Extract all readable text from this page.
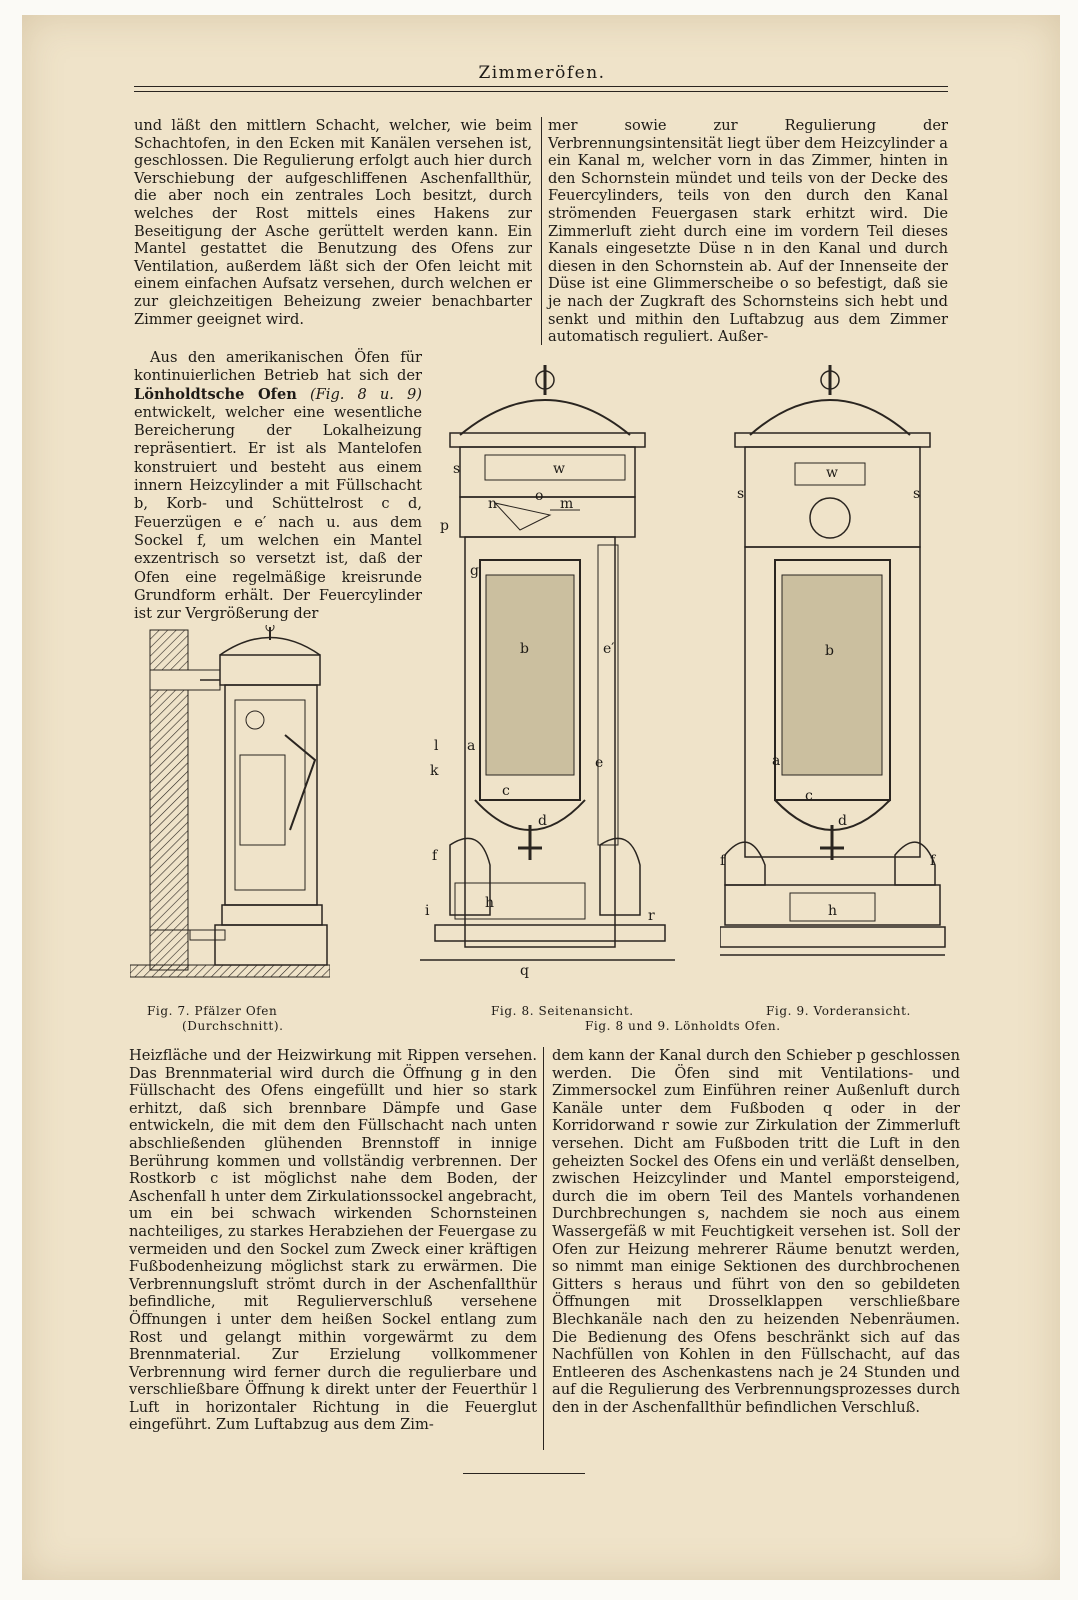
Zimmeröfen.

und läßt den mittlern Schacht, welcher, wie beim Schachtofen, in den Ecken mit Kanälen versehen ist, geschlossen. Die Regulierung erfolgt auch hier durch Verschiebung der aufgeschliffenen Aschenfallthür, die aber noch ein zentrales Loch besitzt, durch welches der Rost mittels eines Hakens zur Beseitigung der Asche gerüttelt werden kann. Ein Mantel gestattet die Benutzung des Ofens zur Ventilation, außerdem läßt sich der Ofen leicht mit einem einfachen Aufsatz versehen, durch welchen er zur gleichzeitigen Beheizung zweier benachbarter Zimmer geeignet wird.

mer sowie zur Regulierung der Verbrennungsintensität liegt über dem Heizcylinder a ein Kanal m, welcher vorn in das Zimmer, hinten in den Schornstein mündet und teils von der Decke des Feuercylinders, teils von den durch den Kanal strömenden Feuergasen stark erhitzt wird. Die Zimmerluft zieht durch eine im vordern Teil dieses Kanals eingesetzte Düse n in den Kanal und durch diesen in den Schornstein ab. Auf der Innenseite der Düse ist eine Glimmerscheibe o so befestigt, daß sie je nach der Zugkraft des Schornsteins sich hebt und senkt und mithin den Luftabzug aus dem Zimmer automatisch reguliert. Außer-

Aus den amerikanischen Öfen für kontinuierlichen Betrieb hat sich der Lönholdtsche Ofen (Fig. 8 u. 9) entwickelt, welcher eine wesentliche Bereicherung der Lokalheizung repräsentiert. Er ist als Mantelofen konstruiert und besteht aus einem innern Heizcylinder a mit Füllschacht b, Korb- und Schüttelrost c d, Feuerzügen e e′ nach u. aus dem Sockel f, um welchen ein Mantel exzentrisch so versetzt ist, daß der Ofen eine regelmäßige kreisrunde Grundform erhält. Der Feuercylinder ist zur Vergrößerung der

w
s
m
n	o
p
g
b	e′
a
e
l
k
c
d
f
i	h
r
q
w
s	s
b
a
c
d
f	f
h
Fig. 7. Pfälzer Ofen
(Durchschnitt).
Fig. 8. Seitenansicht.	Fig. 9. Vorderansicht.
Fig. 8 und 9. Lönholdts Ofen.

Heizfläche und der Heizwirkung mit Rippen versehen. Das Brennmaterial wird durch die Öffnung g in den Füllschacht des Ofens eingefüllt und hier so stark erhitzt, daß sich brennbare Dämpfe und Gase entwickeln, die mit dem den Füllschacht nach unten abschließenden glühenden Brennstoff in innige Berührung kommen und vollständig verbrennen. Der Rostkorb c ist möglichst nahe dem Boden, der Aschenfall h unter dem Zirkulationssockel angebracht, um ein bei schwach wirkenden Schornsteinen nachteiliges, zu starkes Herabziehen der Feuergase zu vermeiden und den Sockel zum Zweck einer kräftigen Fußbodenheizung möglichst stark zu erwärmen. Die Verbrennungsluft strömt durch in der Aschenfallthür befindliche, mit Regulierverschluß versehene Öffnungen i unter dem heißen Sockel entlang zum Rost und gelangt mithin vorgewärmt zu dem Brennmaterial. Zur Erzielung vollkommener Verbrennung wird ferner durch die regulierbare und verschließbare Öffnung k direkt unter der Feuerthür l Luft in horizontaler Richtung in die Feuerglut eingeführt. Zum Luftabzug aus dem Zim-

dem kann der Kanal durch den Schieber p geschlossen werden. Die Öfen sind mit Ventilations- und Zimmersockel zum Einführen reiner Außenluft durch Kanäle unter dem Fußboden q oder in der Korridorwand r sowie zur Zirkulation der Zimmerluft versehen. Dicht am Fußboden tritt die Luft in den geheizten Sockel des Ofens ein und verläßt denselben, zwischen Heizcylinder und Mantel emporsteigend, durch die im obern Teil des Mantels vorhandenen Durchbrechungen s, nachdem sie noch aus einem Wassergefäß w mit Feuchtigkeit versehen ist. Soll der Ofen zur Heizung mehrerer Räume benutzt werden, so nimmt man einige Sektionen des durchbrochenen Gitters s heraus und führt von den so gebildeten Öffnungen mit Drosselklappen verschließbare Blechkanäle nach den zu heizenden Nebenräumen. Die Bedienung des Ofens beschränkt sich auf das Nachfüllen von Kohlen in den Füllschacht, auf das Entleeren des Aschenkastens nach je 24 Stunden und auf die Regulierung des Verbrennungsprozesses durch den in der Aschenfallthür befindlichen Verschluß.
